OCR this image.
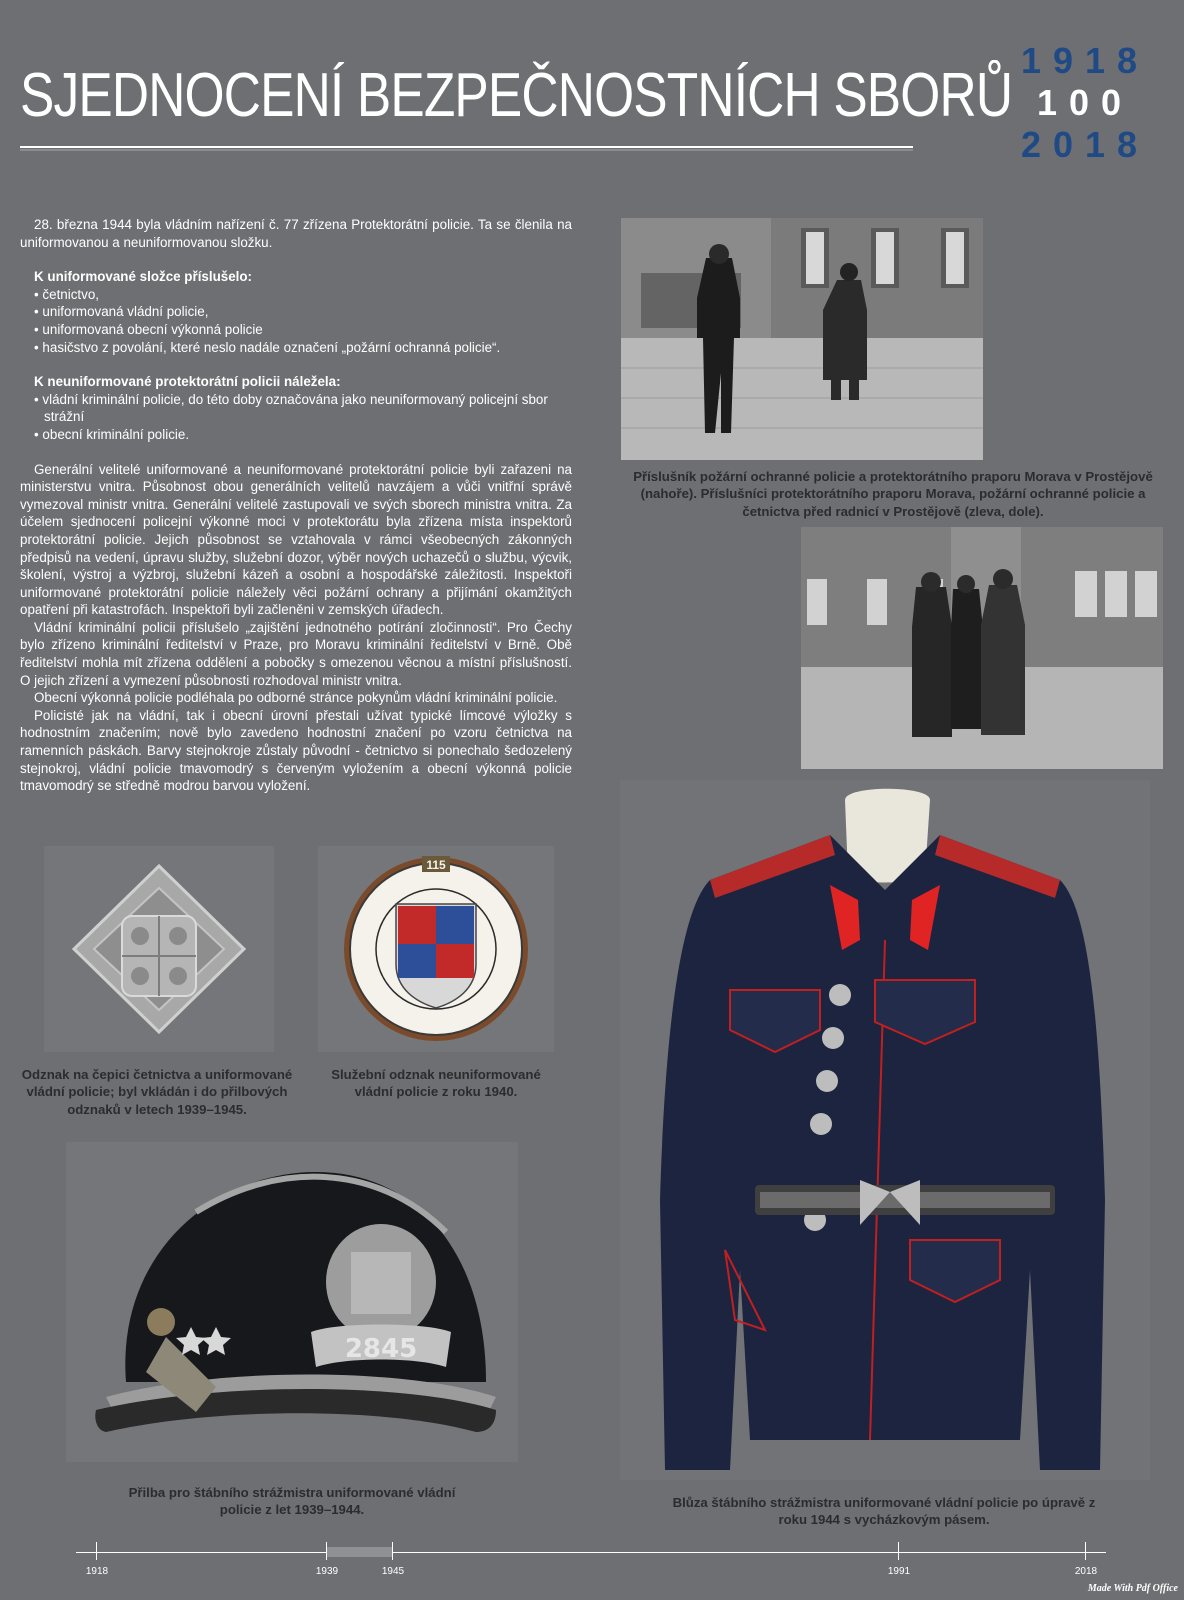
SJEDNOCENÍ BEZPEČNOSTNÍCH SBORŮ
1918
100
2018

28. března 1944 byla vládním nařízení č. 77 zřízena Protektorátní policie. Ta se členila na uniformovanou a neuniformovanou složku.

K uniformované složce příslušelo:
• četnictvo,
• uniformovaná vládní policie,
• uniformovaná obecní výkonná policie
• hasičstvo z povolání, které neslo nadále označení „požární ochranná policie“.
K neuniformované protektorátní policii náležela:
• vládní kriminální policie, do této doby označována jako neuniformovaný policejní sbor strážní
• obecní kriminální policie.

Generální velitelé uniformované a neuniformované protektorátní policie byli zařazeni na ministerstvu vnitra. Působnost obou generálních velitelů navzájem a vůči vnitřní správě vymezoval ministr vnitra. Generální velitelé zastupovali ve svých sborech ministra vnitra. Za účelem sjednocení policejní výkonné moci v protektorátu byla zřízena místa inspektorů protektorátní policie. Jejich působnost se vztahovala v rámci všeobecných zákonných předpisů na vedení, úpravu služby, služební dozor, výběr nových uchazečů o službu, výcvik, školení, výstroj a výzbroj, služební kázeň a osobní a hospodářské záležitosti. Inspektoři uniformované protektorátní policie náležely věci požární ochrany a přijímání okamžitých opatření při katastrofách. Inspektoři byli začleněni v zemských úřadech.

Vládní kriminální policii příslušelo „zajištění jednotného potírání zločinnosti“. Pro Čechy bylo zřízeno kriminální ředitelství v Praze, pro Moravu kriminální ředitelství v Brně. Obě ředitelství mohla mít zřízena oddělení a pobočky s omezenou věcnou a místní příslušností. O jejich zřízení a vymezení působnosti rozhodoval ministr vnitra.

Obecní výkonná policie podléhala po odborné stránce pokynům vládní kriminální policie.

Policisté jak na vládní, tak i obecní úrovní přestali užívat typické límcové výložky s hodnostním značením; nově bylo zavedeno hodnostní značení po vzoru četnictva na ramenních páskách. Barvy stejnokroje zůstaly původní - četnictvo si ponechalo šedozelený stejnokroj, vládní policie tmavomodrý s červeným vyložením a obecní výkonná policie tmavomodrý se středně modrou barvou vyložení.

Příslušník požární ochranné policie a protektorátního praporu Morava v Prostějově (nahoře). Příslušníci protektorátního praporu Morava, požární ochranné policie a četnictva před radnicí v Prostějově (zleva, dole).
Odznak na čepici četnictva a uniformované vládní policie; byl vkládán i do přilbových odznaků v letech 1939–1945.
115
Služební odznak neuniformované vládní policie z roku 1940.
2845
Přilba pro štábního strážmistra uniformované vládní policie z let 1939–1944.	Blůza štábního strážmistra uniformované vládní policie po úpravě z roku 1944 s vycházkovým pásem.
1918	1939	1945	1991	2018
Made With Pdf Office
